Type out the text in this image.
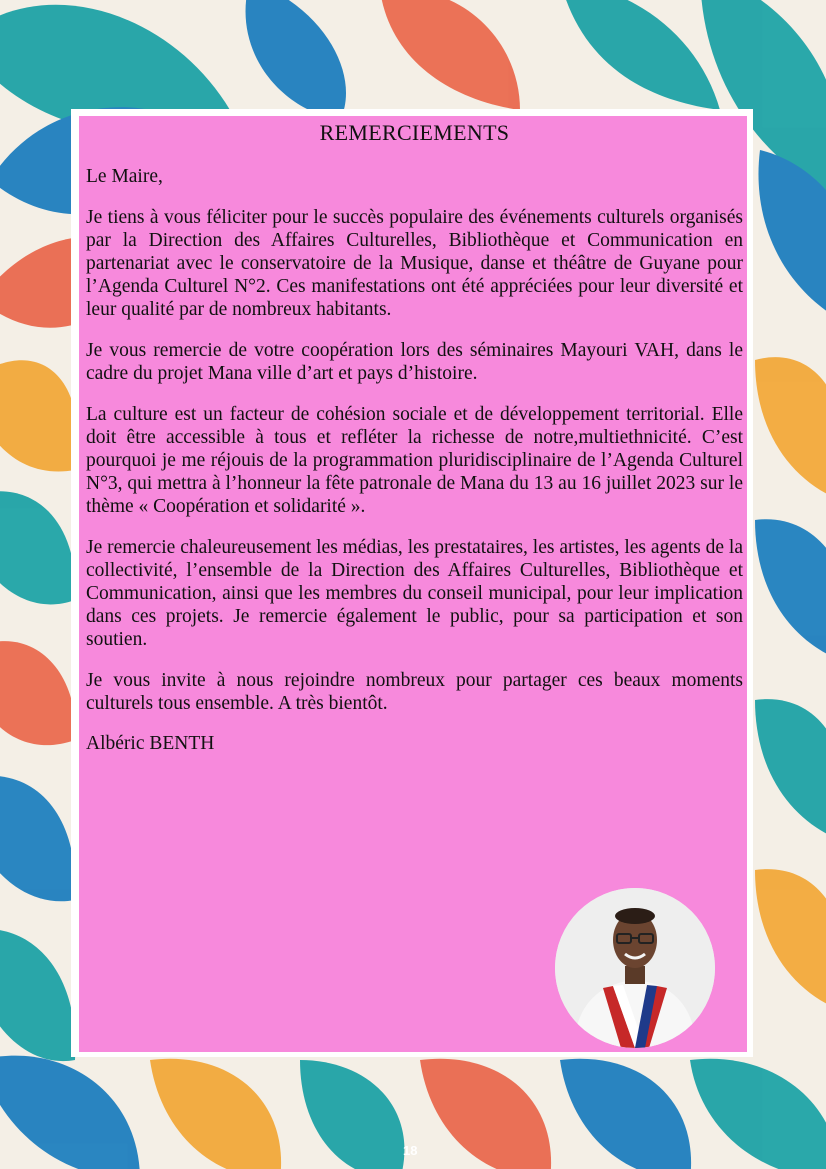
REMERCIEMENTS
Le Maire,

Je tiens à vous féliciter pour le succès populaire des événements culturels organisés par la Direction des Affaires Culturelles, Bibliothèque et Communication en partenariat avec le conservatoire de la Musique, danse et théâtre de Guyane pour l’Agenda Culturel N°2. Ces manifestations ont été appréciées pour leur diversité et leur qualité par de nombreux habitants.

Je vous remercie de votre coopération lors des séminaires Mayouri VAH, dans le cadre du projet Mana ville d’art et pays d’histoire.

La culture est un facteur de cohésion sociale et de développement territorial. Elle doit être accessible à tous et refléter la richesse de notre,multiethnicité. C’est pourquoi je me réjouis de la programmation pluridisciplinaire de l’Agenda Culturel N°3, qui mettra à l’honneur la fête patronale de Mana du 13 au 16 juillet 2023 sur le thème « Coopération et solidarité ».

Je remercie chaleureusement les médias, les prestataires, les artistes, les agents de la collectivité, l’ensemble de la Direction des Affaires Culturelles, Bibliothèque et Communication, ainsi que les membres du conseil municipal, pour leur implication dans ces projets. Je remercie également le public, pour sa participation et son soutien.

Je vous invite à nous rejoindre nombreux pour partager ces beaux moments culturels tous ensemble. A très bientôt.

Albéric BENTH
18
